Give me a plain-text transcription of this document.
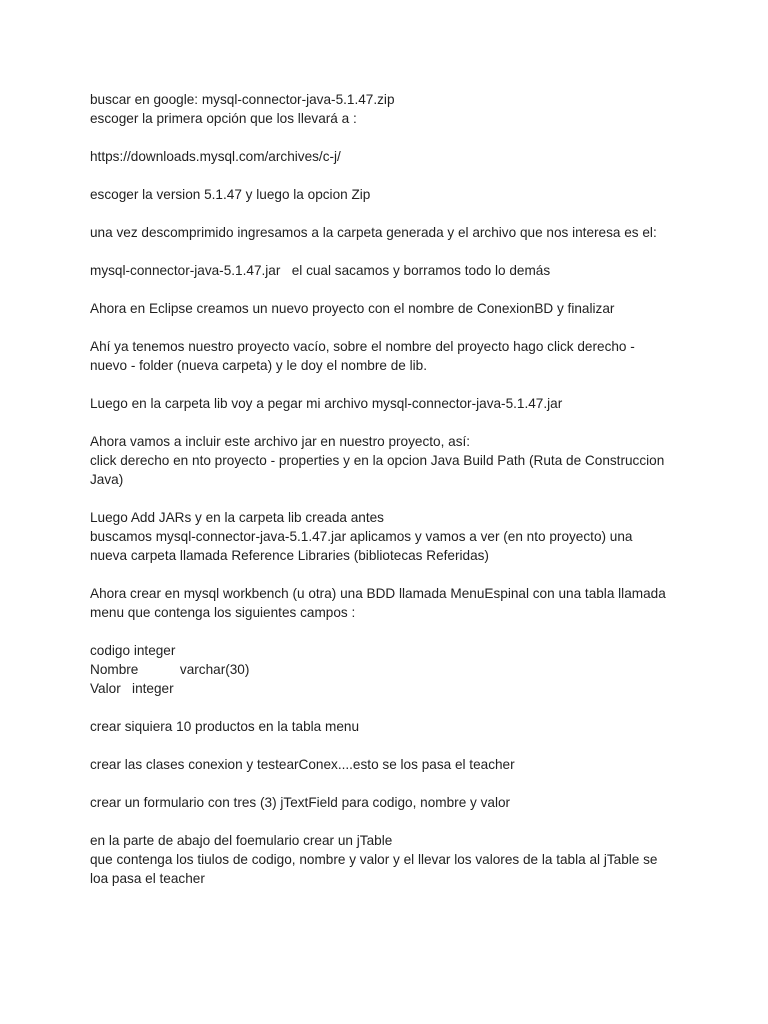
buscar en google: mysql-connector-java-5.1.47.zip
escoger la primera opción que los llevará a :
https://downloads.mysql.com/archives/c-j/
escoger la version 5.1.47 y luego la opcion Zip
una vez descomprimido ingresamos a la carpeta generada y el archivo que nos interesa es el:
mysql-connector-java-5.1.47.jar   el cual sacamos y borramos todo lo demás
Ahora en Eclipse creamos un nuevo proyecto con el nombre de ConexionBD y finalizar
Ahí ya tenemos nuestro proyecto vacío, sobre el nombre del proyecto hago click derecho -
nuevo - folder (nueva carpeta) y le doy el nombre de lib.
Luego en la carpeta lib voy a pegar mi archivo mysql-connector-java-5.1.47.jar
Ahora vamos a incluir este archivo jar en nuestro proyecto, así:
click derecho en nto proyecto - properties y en la opcion Java Build Path (Ruta de Construccion
Java)
Luego Add JARs y en la carpeta lib creada antes
buscamos mysql-connector-java-5.1.47.jar aplicamos y vamos a ver (en nto proyecto) una
nueva carpeta llamada Reference Libraries (bibliotecas Referidas)
Ahora crear en mysql workbench (u otra) una BDD llamada MenuEspinal con una tabla llamada
menu que contenga los siguientes campos :
codigo integer
Nombre           varchar(30)
Valor   integer
crear siquiera 10 productos en la tabla menu
crear las clases conexion y testearConex....esto se los pasa el teacher
crear un formulario con tres (3) jTextField para codigo, nombre y valor
en la parte de abajo del foemulario crear un jTable
que contenga los tiulos de codigo, nombre y valor y el llevar los valores de la tabla al jTable se
loa pasa el teacher
